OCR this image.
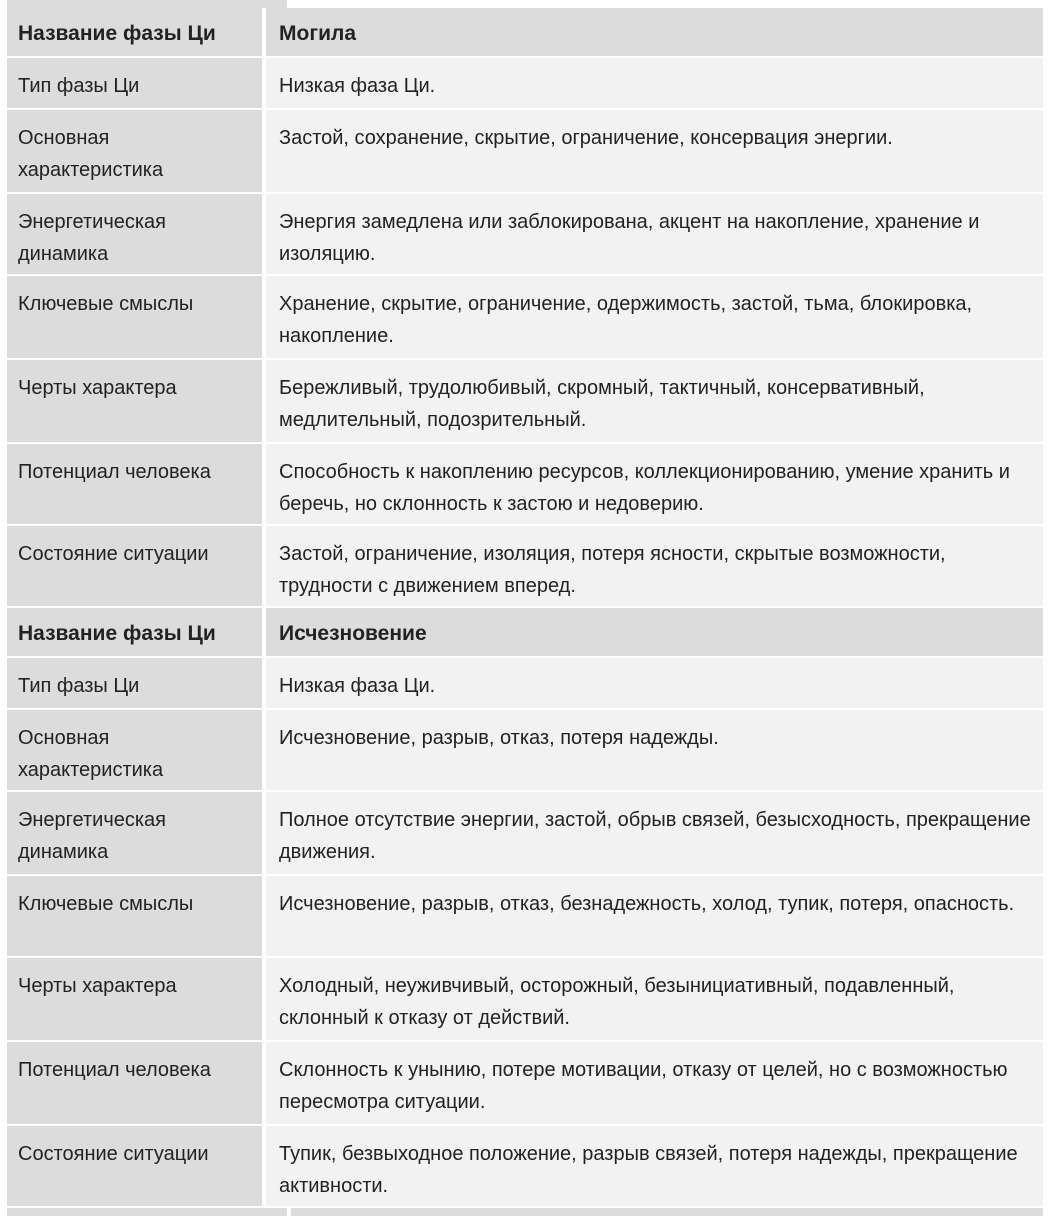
Название фазы Ци	Могила
Тип фазы Ци	Низкая фаза Ци.
Основная характеристика	Застой, сохранение, скрытие, ограничение, консервация энергии.
Энергетическая динамика	Энергия замедлена или заблокирована, акцент на накопление, хранение и изоляцию.
Ключевые смыслы	Хранение, скрытие, ограничение, одержимость, застой, тьма, блокировка, накопление.
Черты характера	Бережливый, трудолюбивый, скромный, тактичный, консервативный, медлительный, подозрительный.
Потенциал человека	Способность к накоплению ресурсов, коллекционированию, умение хранить и беречь, но склонность к застою и недоверию.
Состояние ситуации	Застой, ограничение, изоляция, потеря ясности, скрытые возможности, трудности с движением вперед.
Название фазы Ци	Исчезновение
Тип фазы Ци	Низкая фаза Ци.
Основная характеристика	Исчезновение, разрыв, отказ, потеря надежды.
Энергетическая динамика	Полное отсутствие энергии, застой, обрыв связей, безысходность, прекращение движения.
Ключевые смыслы	Исчезновение, разрыв, отказ, безнадежность, холод, тупик, потеря, опасность.
Черты характера	Холодный, неуживчивый, осторожный, безынициативный, подавленный, склонный к отказу от действий.
Потенциал человека	Склонность к унынию, потере мотивации, отказу от целей, но с возможностью пересмотра ситуации.
Состояние ситуации	Тупик, безвыходное положение, разрыв связей, потеря надежды, прекращение активности.
